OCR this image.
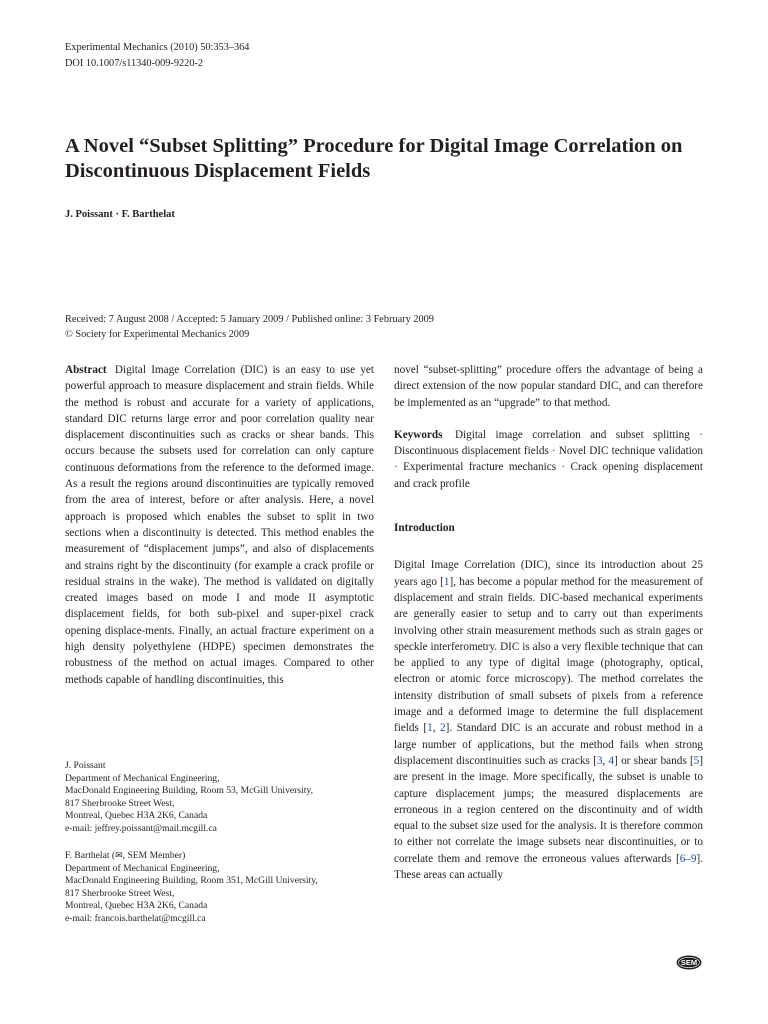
Experimental Mechanics (2010) 50:353–364
DOI 10.1007/s11340-009-9220-2
A Novel “Subset Splitting” Procedure for Digital Image Correlation on Discontinuous Displacement Fields
J. Poissant · F. Barthelat
Received: 7 August 2008 / Accepted: 5 January 2009 / Published online: 3 February 2009
© Society for Experimental Mechanics 2009

Abstract Digital Image Correlation (DIC) is an easy to use yet powerful approach to measure displacement and strain fields. While the method is robust and accurate for a variety of applications, standard DIC returns large error and poor correlation quality near displacement discontinuities such as cracks or shear bands. This occurs because the subsets used for correlation can only capture continuous deformations from the reference to the deformed image. As a result the regions around discontinuities are typically removed from the area of interest, before or after analysis. Here, a novel approach is proposed which enables the subset to split in two sections when a discontinuity is detected. This method enables the measurement of “displacement jumps”, and also of displacements and strains right by the discontinuity (for example a crack profile or residual strains in the wake). The method is validated on digitally created images based on mode I and mode II asymptotic displacement fields, for both sub-pixel and super-pixel crack opening displace-ments. Finally, an actual fracture experiment on a high density polyethylene (HDPE) specimen demonstrates the robustness of the method on actual images. Compared to other methods capable of handling discontinuities, this

J. Poissant
Department of Mechanical Engineering,
MacDonald Engineering Building, Room 53, McGill University,
817 Sherbrooke Street West,
Montreal, Quebec H3A 2K6, Canada
e-mail: jeffrey.poissant@mail.mcgill.ca
F. Barthelat (✉, SEM Member)
Department of Mechanical Engineering,
MacDonald Engineering Building, Room 351, McGill University,
817 Sherbrooke Street West,
Montreal, Quebec H3A 2K6, Canada
e-mail: francois.barthelat@mcgill.ca

novel “subset-splitting” procedure offers the advantage of being a direct extension of the now popular standard DIC, and can therefore be implemented as an “upgrade” to that method.

Keywords Digital image correlation and subset splitting · Discontinuous displacement fields · Novel DIC technique validation · Experimental fracture mechanics · Crack opening displacement and crack profile

Introduction

Digital Image Correlation (DIC), since its introduction about 25 years ago [1], has become a popular method for the measurement of displacement and strain fields. DIC-based mechanical experiments are generally easier to setup and to carry out than experiments involving other strain measurement methods such as strain gages or speckle interferometry. DIC is also a very flexible technique that can be applied to any type of digital image (photography, optical, electron or atomic force microscopy). The method correlates the intensity distribution of small subsets of pixels from a reference image and a deformed image to determine the full displacement fields [1, 2]. Standard DIC is an accurate and robust method in a large number of applications, but the method fails when strong displacement discontinuities such as cracks [3, 4] or shear bands [5] are present in the image. More specifically, the subset is unable to capture displacement jumps; the measured displacements are erroneous in a region centered on the discontinuity and of width equal to the subset size used for the analysis. It is therefore common to either not correlate the image subsets near discontinuities, or to correlate them and remove the erroneous values afterwards [6–9]. These areas can actually

SEM
